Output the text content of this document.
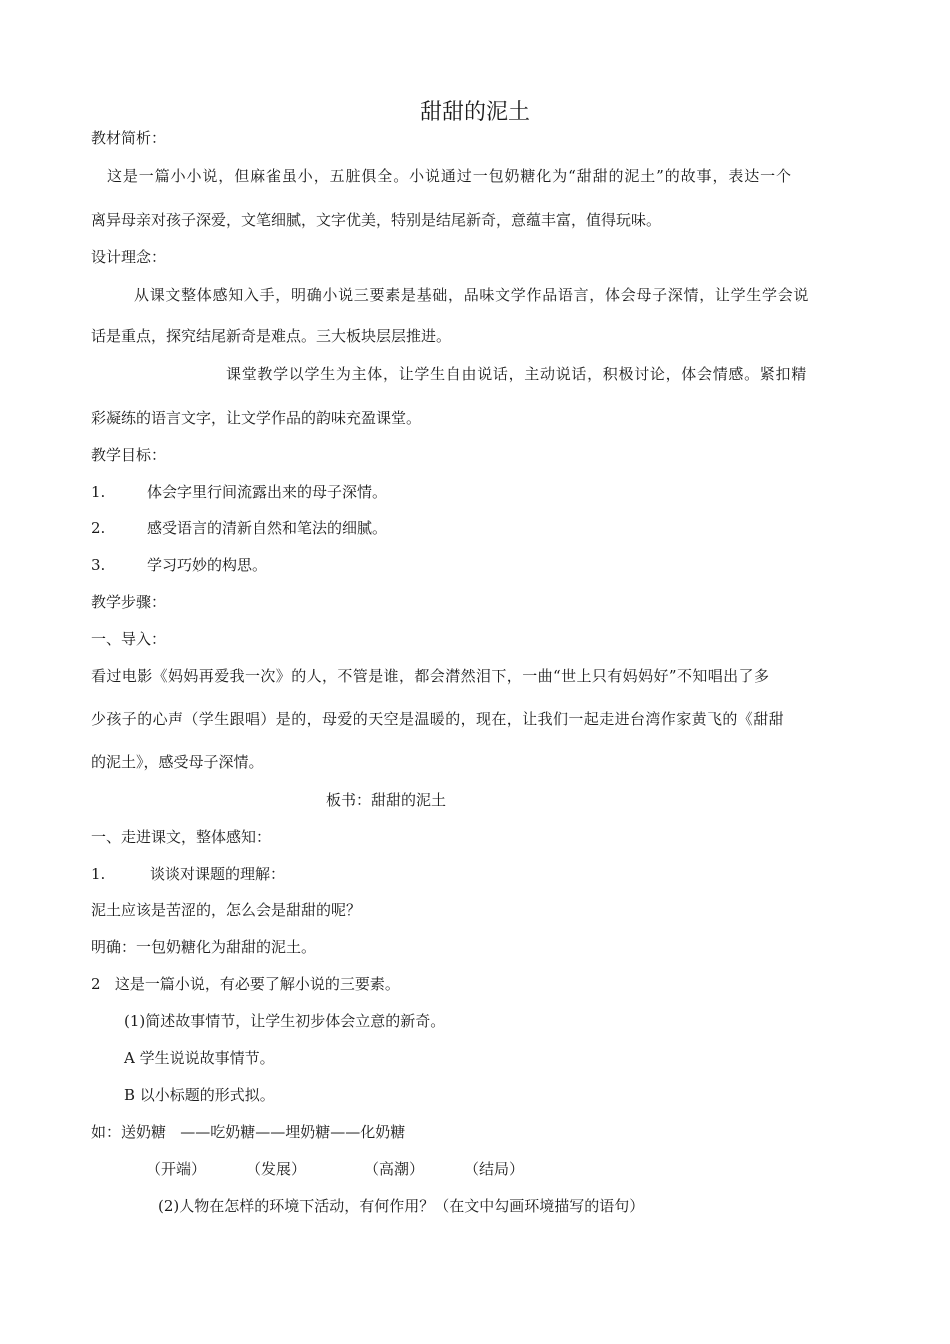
甜甜的泥土
教材简析：
这是一篇小小说，但麻雀虽小，五脏俱全。小说通过一包奶糖化为“甜甜的泥土”的故事，表达一个
离异母亲对孩子深爱，文笔细腻，文字优美，特别是结尾新奇，意蕴丰富，值得玩味。
设计理念：
从课文整体感知入手，明确小说三要素是基础，品味文学作品语言，体会母子深情，让学生学会说
话是重点，探究结尾新奇是难点。三大板块层层推进。
课堂教学以学生为主体，让学生自由说话，主动说话，积极讨论，体会情感。紧扣精
彩凝练的语言文字，让文学作品的韵味充盈课堂。
教学目标：
1.	体会字里行间流露出来的母子深情。
2.	感受语言的清新自然和笔法的细腻。
3.	学习巧妙的构思。
教学步骤：
一、导入：
看过电影《妈妈再爱我一次》的人，不管是谁，都会潸然泪下，一曲“世上只有妈妈好”不知唱出了多
少孩子的心声（学生跟唱）是的，母爱的天空是温暖的，现在，让我们一起走进台湾作家黄飞的《甜甜
的泥土》，感受母子深情。
板书：甜甜的泥土
一、走进课文，整体感知：
1.	谈谈对课题的理解：
泥土应该是苦涩的，怎么会是甜甜的呢？
明确：一包奶糖化为甜甜的泥土。
2   这是一篇小说，有必要了解小说的三要素。
(1)简述故事情节，让学生初步体会立意的新奇。
A 学生说说故事情节。
B 以小标题的形式拟。
如：送奶糖   ——吃奶糖——埋奶糖——化奶糖
（开端）	（发展）	（高潮）	（结局）
(2)人物在怎样的环境下活动，有何作用？（在文中勾画环境描写的语句）
